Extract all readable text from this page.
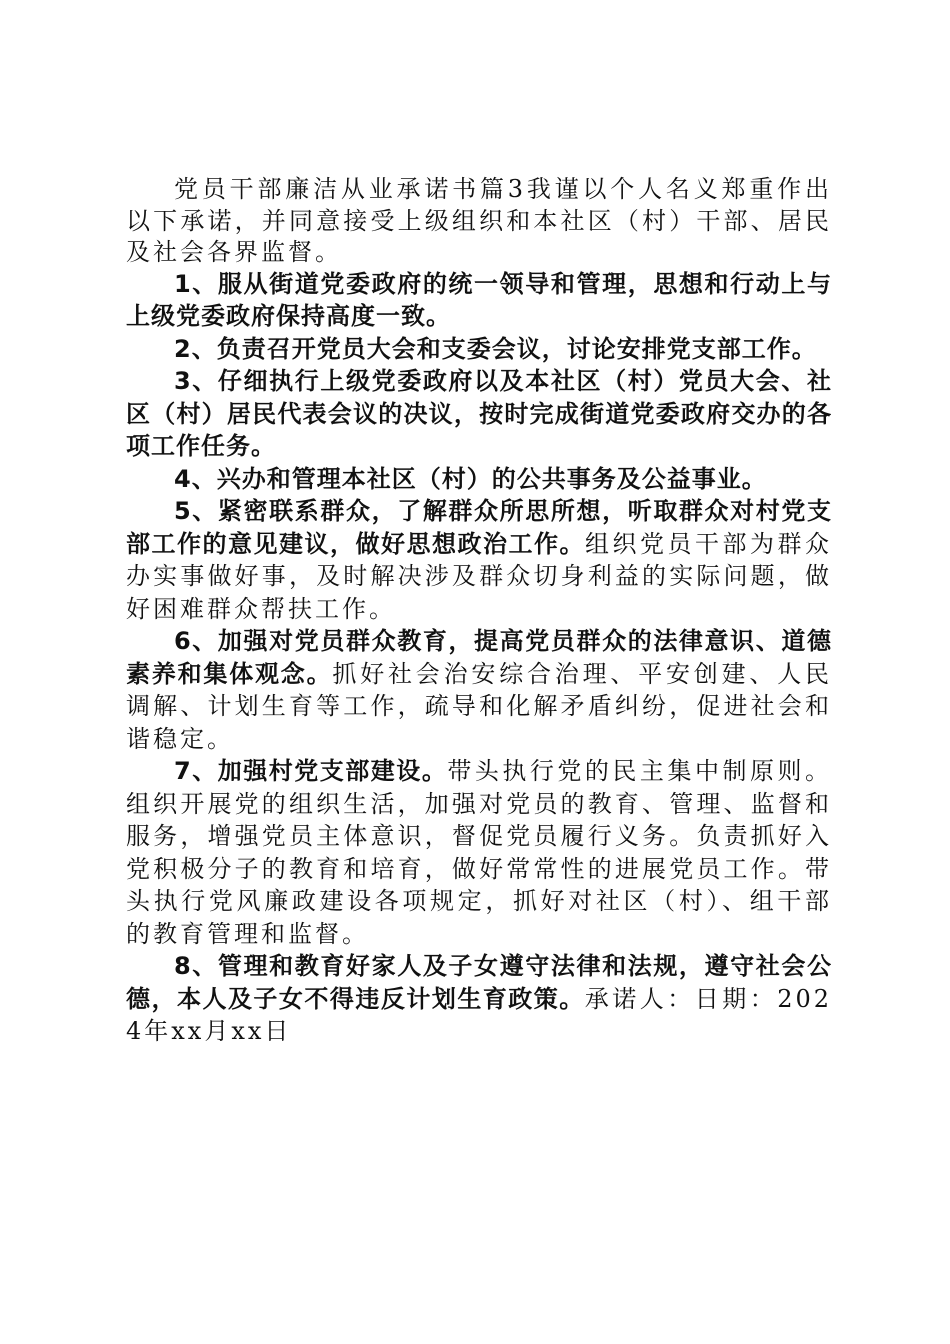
党员干部廉洁从业承诺书篇3我谨以个人名义郑重作出以下承诺，并同意接受上级组织和本社区（村）干部、居民及社会各界监督。

1、服从街道党委政府的统一领导和管理，思想和行动上与上级党委政府保持高度一致。

2、负责召开党员大会和支委会议，讨论安排党支部工作。

3、仔细执行上级党委政府以及本社区（村）党员大会、社区（村）居民代表会议的决议，按时完成街道党委政府交办的各项工作任务。

4、兴办和管理本社区（村）的公共事务及公益事业。

5、紧密联系群众，了解群众所思所想，听取群众对村党支部工作的意见建议，做好思想政治工作。组织党员干部为群众办实事做好事，及时解决涉及群众切身利益的实际问题，做好困难群众帮扶工作。

6、加强对党员群众教育，提高党员群众的法律意识、道德素养和集体观念。抓好社会治安综合治理、平安创建、人民调解、计划生育等工作，疏导和化解矛盾纠纷，促进社会和谐稳定。

7、加强村党支部建设。带头执行党的民主集中制原则。组织开展党的组织生活，加强对党员的教育、管理、监督和服务，增强党员主体意识，督促党员履行义务。负责抓好入党积极分子的教育和培育，做好常常性的进展党员工作。带头执行党风廉政建设各项规定，抓好对社区（村）、组干部的教育管理和监督。

8、管理和教育好家人及子女遵守法律和法规，遵守社会公德，本人及子女不得违反计划生育政策。承诺人：日期：2024年xx月xx日
